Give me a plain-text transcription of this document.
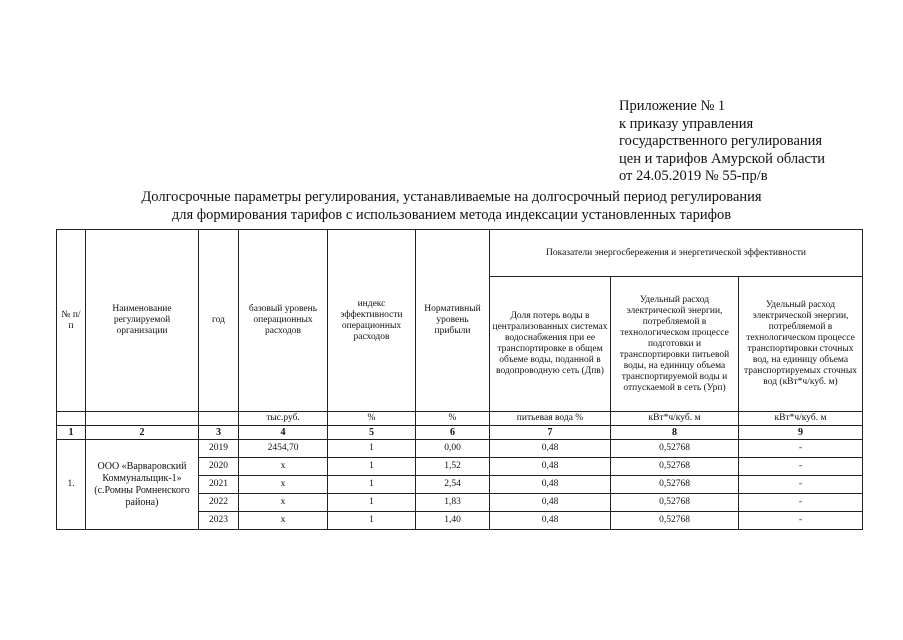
Приложение № 1
к приказу управления
государственного регулирования
цен и тарифов Амурской области
от 24.05.2019 № 55-пр/в
Долгосрочные параметры регулирования, устанавливаемые на долгосрочный период регулирования
для формирования тарифов с использованием метода индексации установленных тарифов
№ п/п	Наименование регулируемой организации	год	базовый уровень операционных расходов	индекс эффективности операционных расходов	Нормативный уровень прибыли	Показатели энергосбережения и энергетической эффективности		
						Доля потерь воды в централизованных системах водоснабжения при ее транспортировке в общем объеме воды, поданной в водопроводную сеть (Дпв)	Удельный расход электрической энергии, потребляемой в технологическом процессе подготовки и транспортировки питьевой воды, на единицу объема транспортируемой воды и отпускаемой в сеть (Урп)	Удельный расход электрической энергии, потребляемой в технологическом процессе транспортировки сточных вод, на единицу объема транспортируемых сточных вод (кВт*ч/куб. м)
			тыс.руб.	%	%	питьевая вода %	кВт*ч/куб. м	кВт*ч/куб. м
1	2	3	4	5	6	7	8	9
1.	ООО «Варваровский Коммунальщик-1» (с.Ромны Ромненского района)	2019	2454,70	1	0,00	0,48	0,52768	-
		2020	х	1	1,52	0,48	0,52768	-
		2021	х	1	2,54	0,48	0,52768	-
		2022	х	1	1,83	0,48	0,52768	-
		2023	х	1	1,40	0,48	0,52768	-
